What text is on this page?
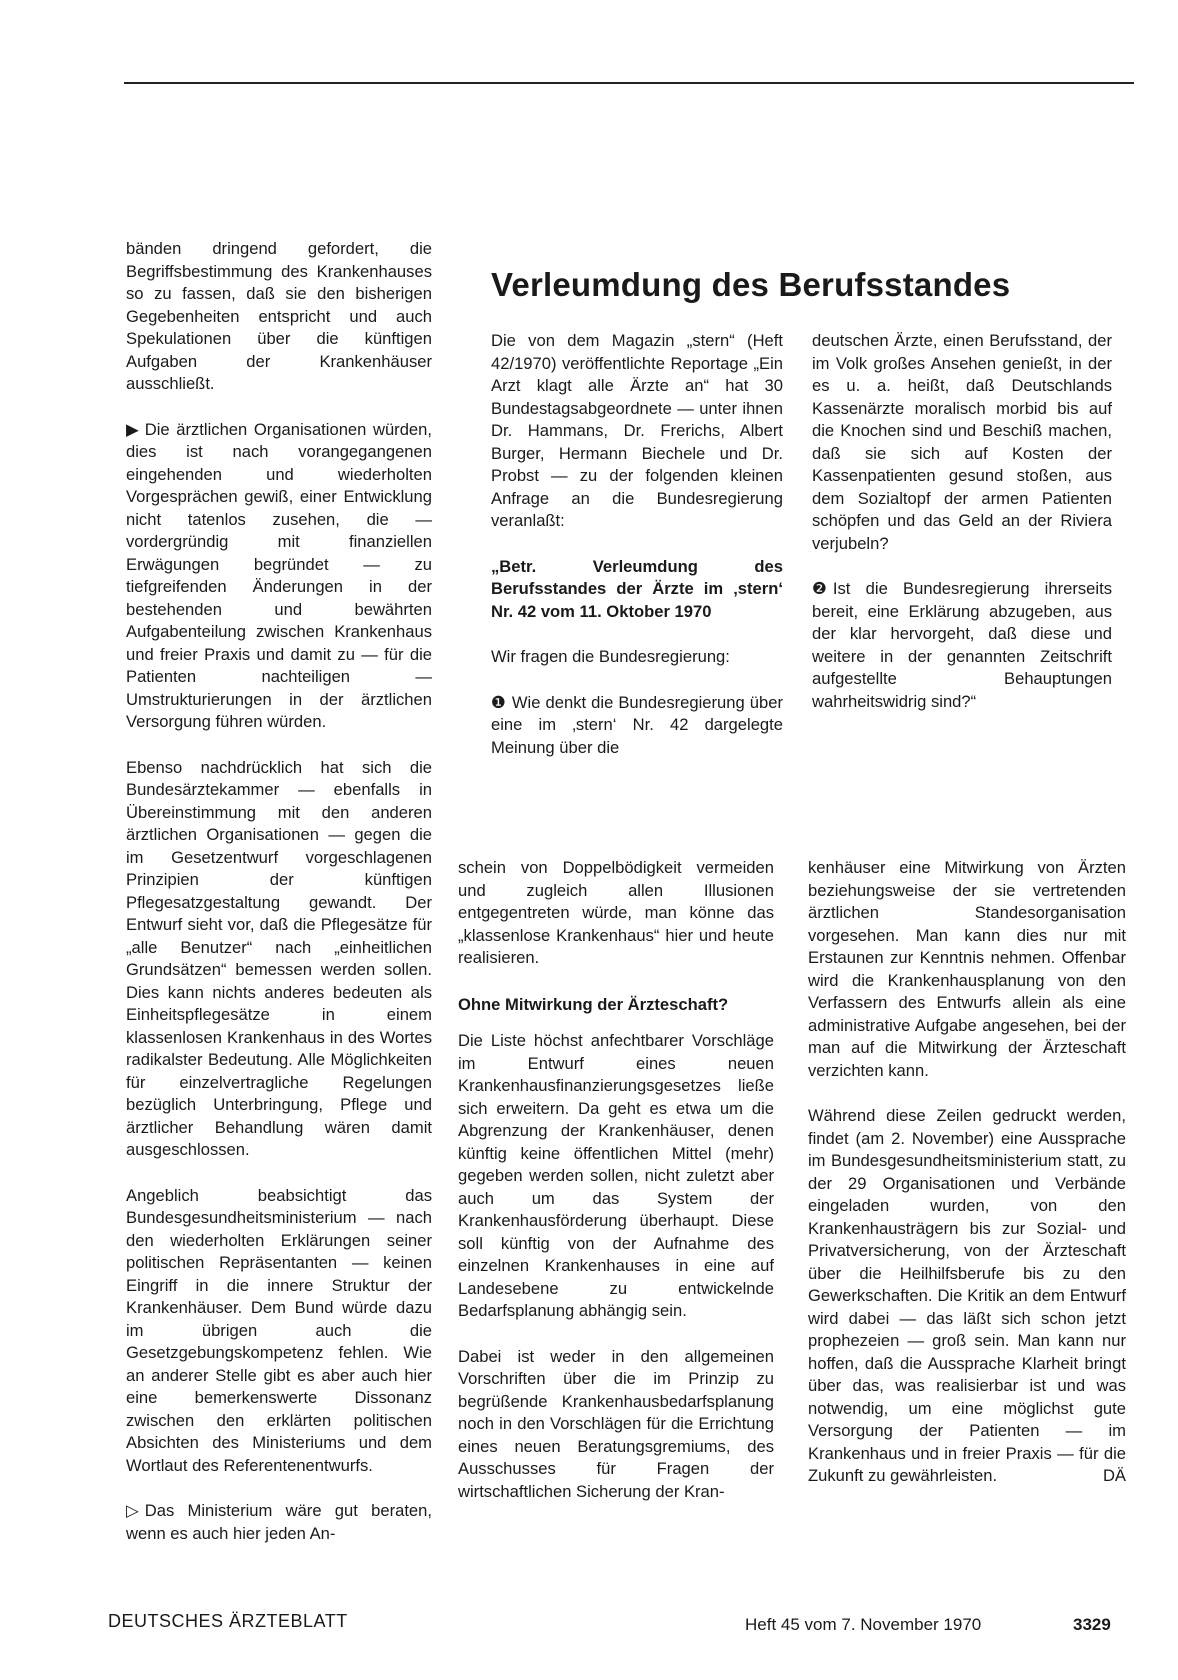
bänden dringend gefordert, die Begriffsbestimmung des Krankenhauses so zu fassen, daß sie den bisherigen Gegebenheiten entspricht und auch Spekulationen über die künftigen Aufgaben der Krankenhäuser ausschließt.

▶ Die ärztlichen Organisationen würden, dies ist nach vorangegangenen eingehenden und wiederholten Vorgesprächen gewiß, einer Entwicklung nicht tatenlos zusehen, die — vordergründig mit finanziellen Erwägungen begründet — zu tiefgreifenden Änderungen in der bestehenden und bewährten Aufgabenteilung zwischen Krankenhaus und freier Praxis und damit zu — für die Patienten nachteiligen — Umstrukturierungen in der ärztlichen Versorgung führen würden.

Ebenso nachdrücklich hat sich die Bundesärztekammer — ebenfalls in Übereinstimmung mit den anderen ärztlichen Organisationen — gegen die im Gesetzentwurf vorgeschlagenen Prinzipien der künftigen Pflegesatzgestaltung gewandt. Der Entwurf sieht vor, daß die Pflegesätze für „alle Benutzer“ nach „einheitlichen Grundsätzen“ bemessen werden sollen. Dies kann nichts anderes bedeuten als Einheitspflegesätze in einem klassenlosen Krankenhaus in des Wortes radikalster Bedeutung. Alle Möglichkeiten für einzelvertragliche Regelungen bezüglich Unterbringung, Pflege und ärztlicher Behandlung wären damit ausgeschlossen.

Angeblich beabsichtigt das Bundesgesundheitsministerium — nach den wiederholten Erklärungen seiner politischen Repräsentanten — keinen Eingriff in die innere Struktur der Krankenhäuser. Dem Bund würde dazu im übrigen auch die Gesetzgebungskompetenz fehlen. Wie an anderer Stelle gibt es aber auch hier eine bemerkenswerte Dissonanz zwischen den erklärten politischen Absichten des Ministeriums und dem Wortlaut des Referentenentwurfs.

▷ Das Ministerium wäre gut beraten, wenn es auch hier jeden An-

Verleumdung des Berufsstandes

Die von dem Magazin „stern“ (Heft 42/1970) veröffentlichte Reportage „Ein Arzt klagt alle Ärzte an“ hat 30 Bundestagsabgeordnete — unter ihnen Dr. Hammans, Dr. Frerichs, Albert Burger, Hermann Biechele und Dr. Probst — zu der folgenden kleinen Anfrage an die Bundesregierung veranlaßt:

„Betr. Verleumdung des Berufsstandes der Ärzte im ‚stern‘ Nr. 42 vom 11. Oktober 1970

Wir fragen die Bundesregierung:

❶ Wie denkt die Bundesregierung über eine im ‚stern‘ Nr. 42 dargelegte Meinung über die

deutschen Ärzte, einen Berufsstand, der im Volk großes Ansehen genießt, in der es u. a. heißt, daß Deutschlands Kassenärzte moralisch morbid bis auf die Knochen sind und Beschiß machen, daß sie sich auf Kosten der Kassenpatienten gesund stoßen, aus dem Sozialtopf der armen Patienten schöpfen und das Geld an der Riviera verjubeln?

❷ Ist die Bundesregierung ihrerseits bereit, eine Erklärung abzugeben, aus der klar hervorgeht, daß diese und weitere in der genannten Zeitschrift aufgestellte Behauptungen wahrheitswidrig sind?“

schein von Doppelbödigkeit vermeiden und zugleich allen Illusionen entgegentreten würde, man könne das „klassenlose Krankenhaus“ hier und heute realisieren.

Ohne Mitwirkung der Ärzteschaft?

Die Liste höchst anfechtbarer Vorschläge im Entwurf eines neuen Krankenhausfinanzierungsgesetzes ließe sich erweitern. Da geht es etwa um die Abgrenzung der Krankenhäuser, denen künftig keine öffentlichen Mittel (mehr) gegeben werden sollen, nicht zuletzt aber auch um das System der Krankenhausförderung überhaupt. Diese soll künftig von der Aufnahme des einzelnen Krankenhauses in eine auf Landesebene zu entwickelnde Bedarfsplanung abhängig sein.

Dabei ist weder in den allgemeinen Vorschriften über die im Prinzip zu begrüßende Krankenhausbedarfsplanung noch in den Vorschlägen für die Errichtung eines neuen Beratungsgremiums, des Ausschusses für Fragen der wirtschaftlichen Sicherung der Kran-

kenhäuser eine Mitwirkung von Ärzten beziehungsweise der sie vertretenden ärztlichen Standesorganisation vorgesehen. Man kann dies nur mit Erstaunen zur Kenntnis nehmen. Offenbar wird die Krankenhausplanung von den Verfassern des Entwurfs allein als eine administrative Aufgabe angesehen, bei der man auf die Mitwirkung der Ärzteschaft verzichten kann.

Während diese Zeilen gedruckt werden, findet (am 2. November) eine Aussprache im Bundesgesundheitsministerium statt, zu der 29 Organisationen und Verbände eingeladen wurden, von den Krankenhausträgern bis zur Sozial- und Privatversicherung, von der Ärzteschaft über die Heilhilfsberufe bis zu den Gewerkschaften. Die Kritik an dem Entwurf wird dabei — das läßt sich schon jetzt prophezeien — groß sein. Man kann nur hoffen, daß die Aussprache Klarheit bringt über das, was realisierbar ist und was notwendig, um eine möglichst gute Versorgung der Patienten — im Krankenhaus und in freier Praxis — für die Zukunft zu gewährleisten.	DÄ

DEUTSCHES ÄRZTEBLATT	Heft 45 vom 7. November 1970	3329
